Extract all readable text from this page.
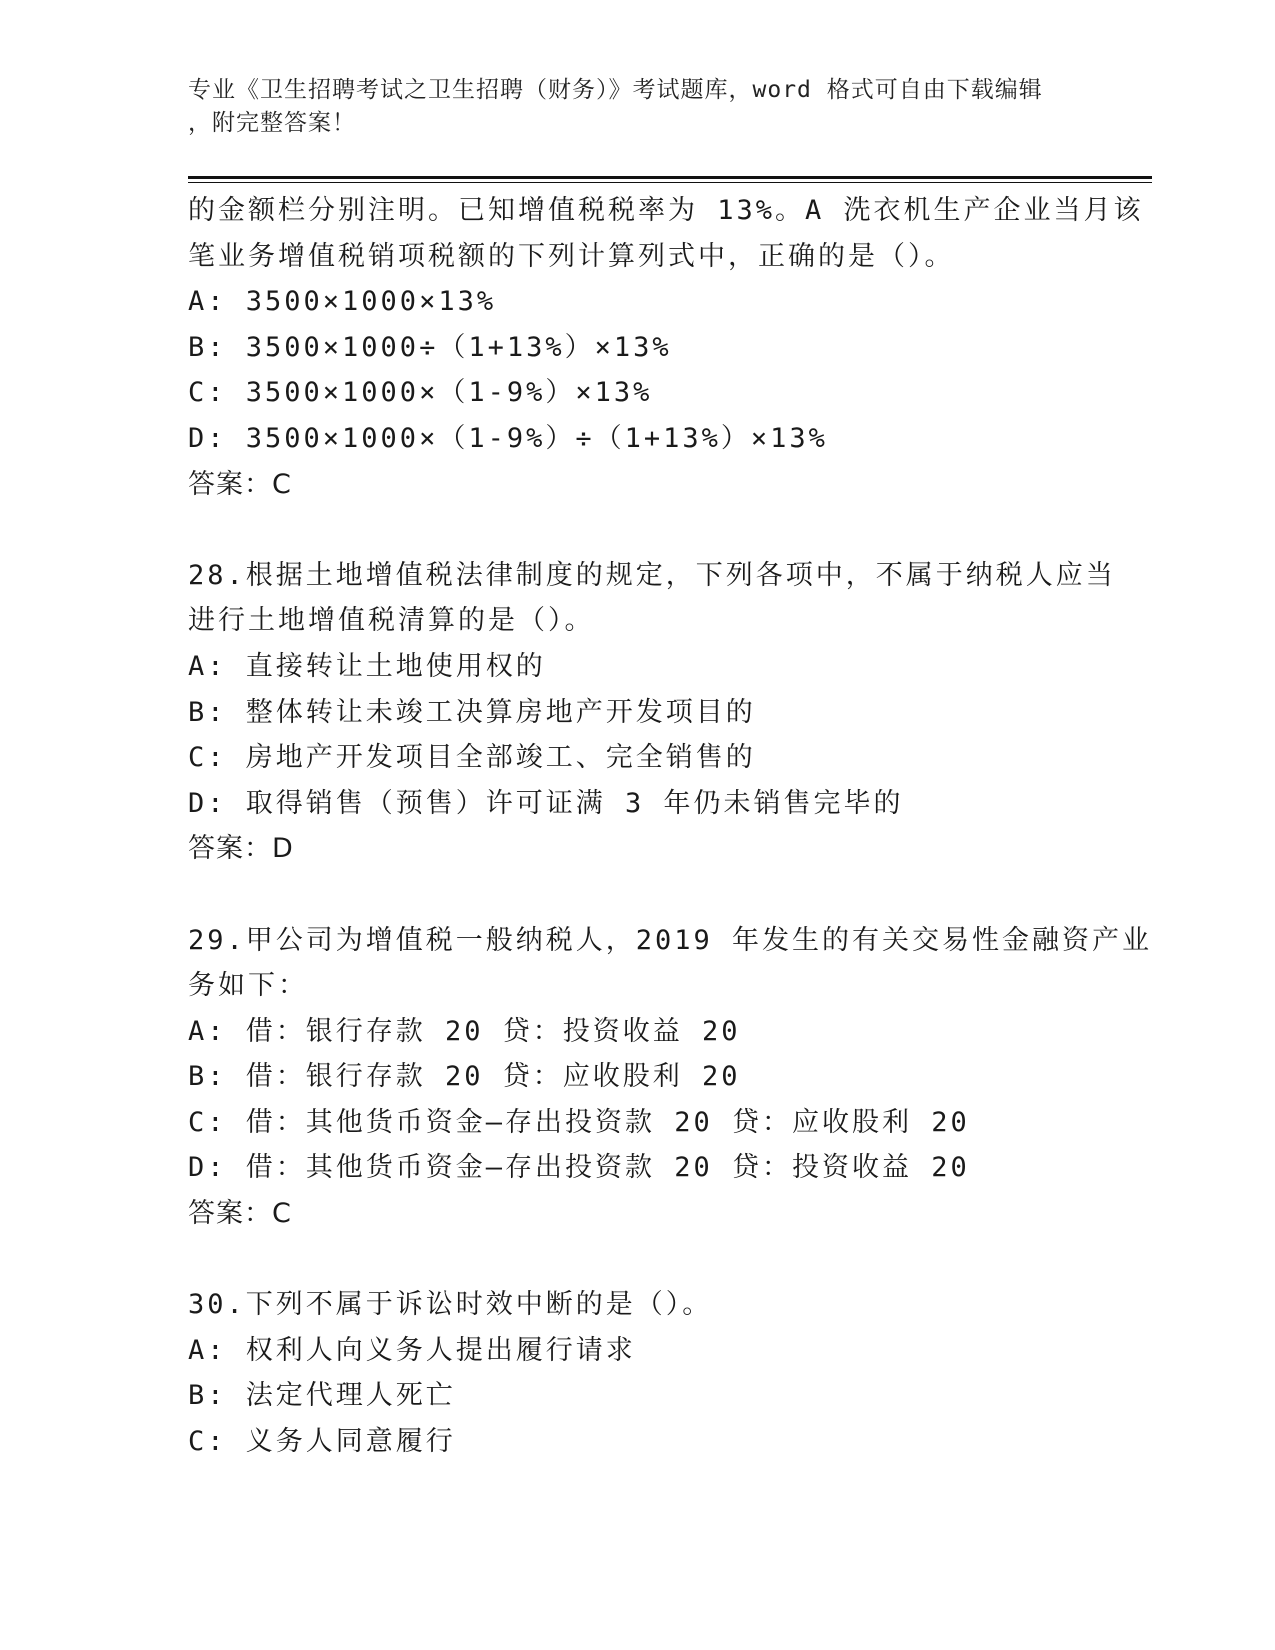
专业《卫生招聘考试之卫生招聘（财务）》考试题库，word 格式可自由下载编辑
，附完整答案！
的金额栏分别注明。已知增值税税率为 13%。A 洗衣机生产企业当月该
笔业务增值税销项税额的下列计算列式中，正确的是（）。
A: 3500×1000×13%
B: 3500×1000÷（1+13%）×13%
C: 3500×1000×（1-9%）×13%
D: 3500×1000×（1-9%）÷（1+13%）×13%
答案：C
28.根据土地增值税法律制度的规定，下列各项中，不属于纳税人应当
进行土地增值税清算的是（）。
A: 直接转让土地使用权的
B: 整体转让未竣工决算房地产开发项目的
C: 房地产开发项目全部竣工、完全销售的
D: 取得销售（预售）许可证满 3 年仍未销售完毕的
答案：D
29.甲公司为增值税一般纳税人，2019 年发生的有关交易性金融资产业
务如下：
A: 借：银行存款 20 贷：投资收益 20
B: 借：银行存款 20 贷：应收股利 20
C: 借：其他货币资金—存出投资款 20 贷：应收股利 20
D: 借：其他货币资金—存出投资款 20 贷：投资收益 20
答案：C
30.下列不属于诉讼时效中断的是（）。
A: 权利人向义务人提出履行请求
B: 法定代理人死亡
C: 义务人同意履行
